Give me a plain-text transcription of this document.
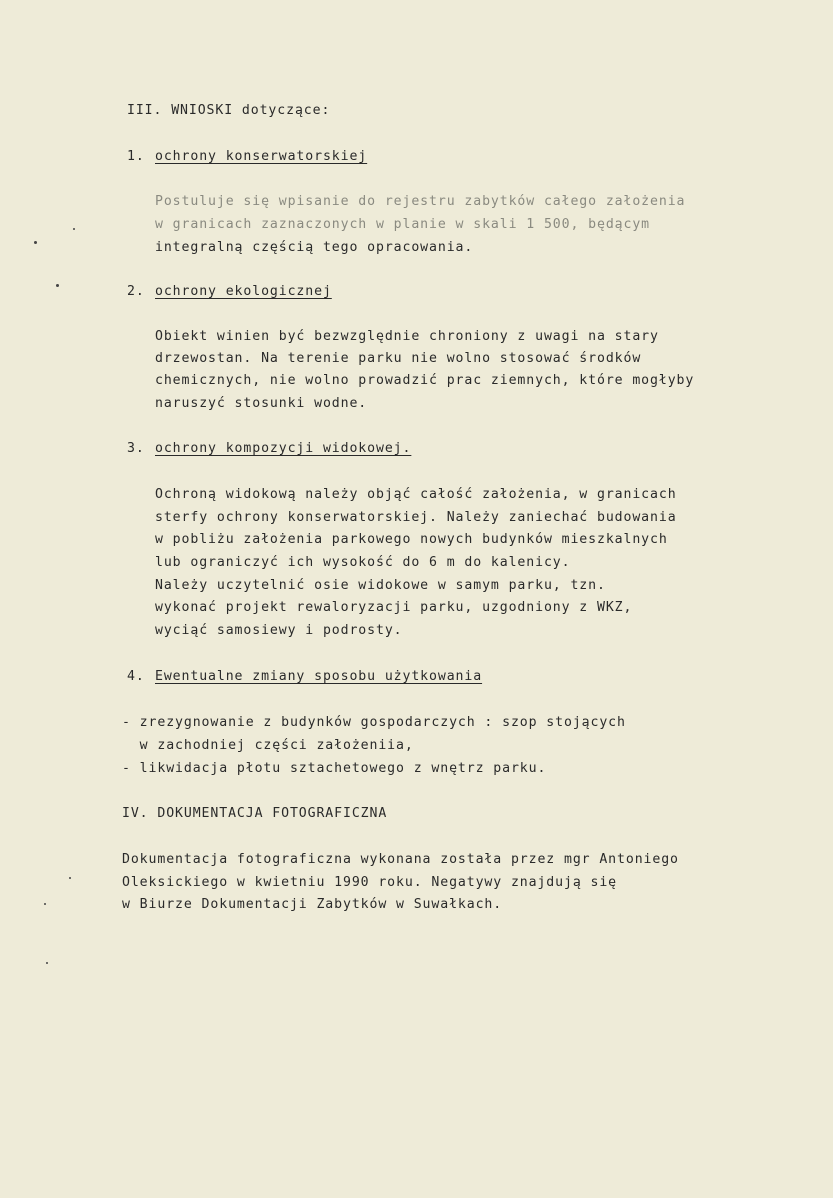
III. WNIOSKI dotyczące:
1. ochrony konserwatorskiej
Postuluje się wpisanie do rejestru zabytków całego założenia
w granicach zaznaczonych w planie w skali 1 500, będącym
integralną częścią tego opracowania.
2. ochrony ekologicznej
Obiekt winien być bezwzględnie chroniony z uwagi na stary
drzewostan. Na terenie parku nie wolno stosować środków
chemicznych, nie wolno prowadzić prac ziemnych, które mogłyby
naruszyć stosunki wodne.
3. ochrony kompozycji widokowej.
Ochroną widokową należy objąć całość założenia, w granicach
sterfy ochrony konserwatorskiej. Należy zaniechać budowania
w pobliżu założenia parkowego nowych budynków mieszkalnych
lub ograniczyć ich wysokość do 6 m do kalenicy.
Należy uczytelnić osie widokowe w samym parku, tzn.
wykonać projekt rewaloryzacji parku, uzgodniony z WKZ,
wyciąć samosiewy i podrosty.
4. Ewentualne zmiany sposobu użytkowania
- zrezygnowanie z budynków gospodarczych : szop stojących
w zachodniej części założeniia,
- likwidacja płotu sztachetowego z wnętrz parku.
IV. DOKUMENTACJA FOTOGRAFICZNA
Dokumentacja fotograficzna wykonana została przez mgr Antoniego
Oleksickiego w kwietniu 1990 roku. Negatywy znajdują się
w Biurze Dokumentacji Zabytków w Suwałkach.
